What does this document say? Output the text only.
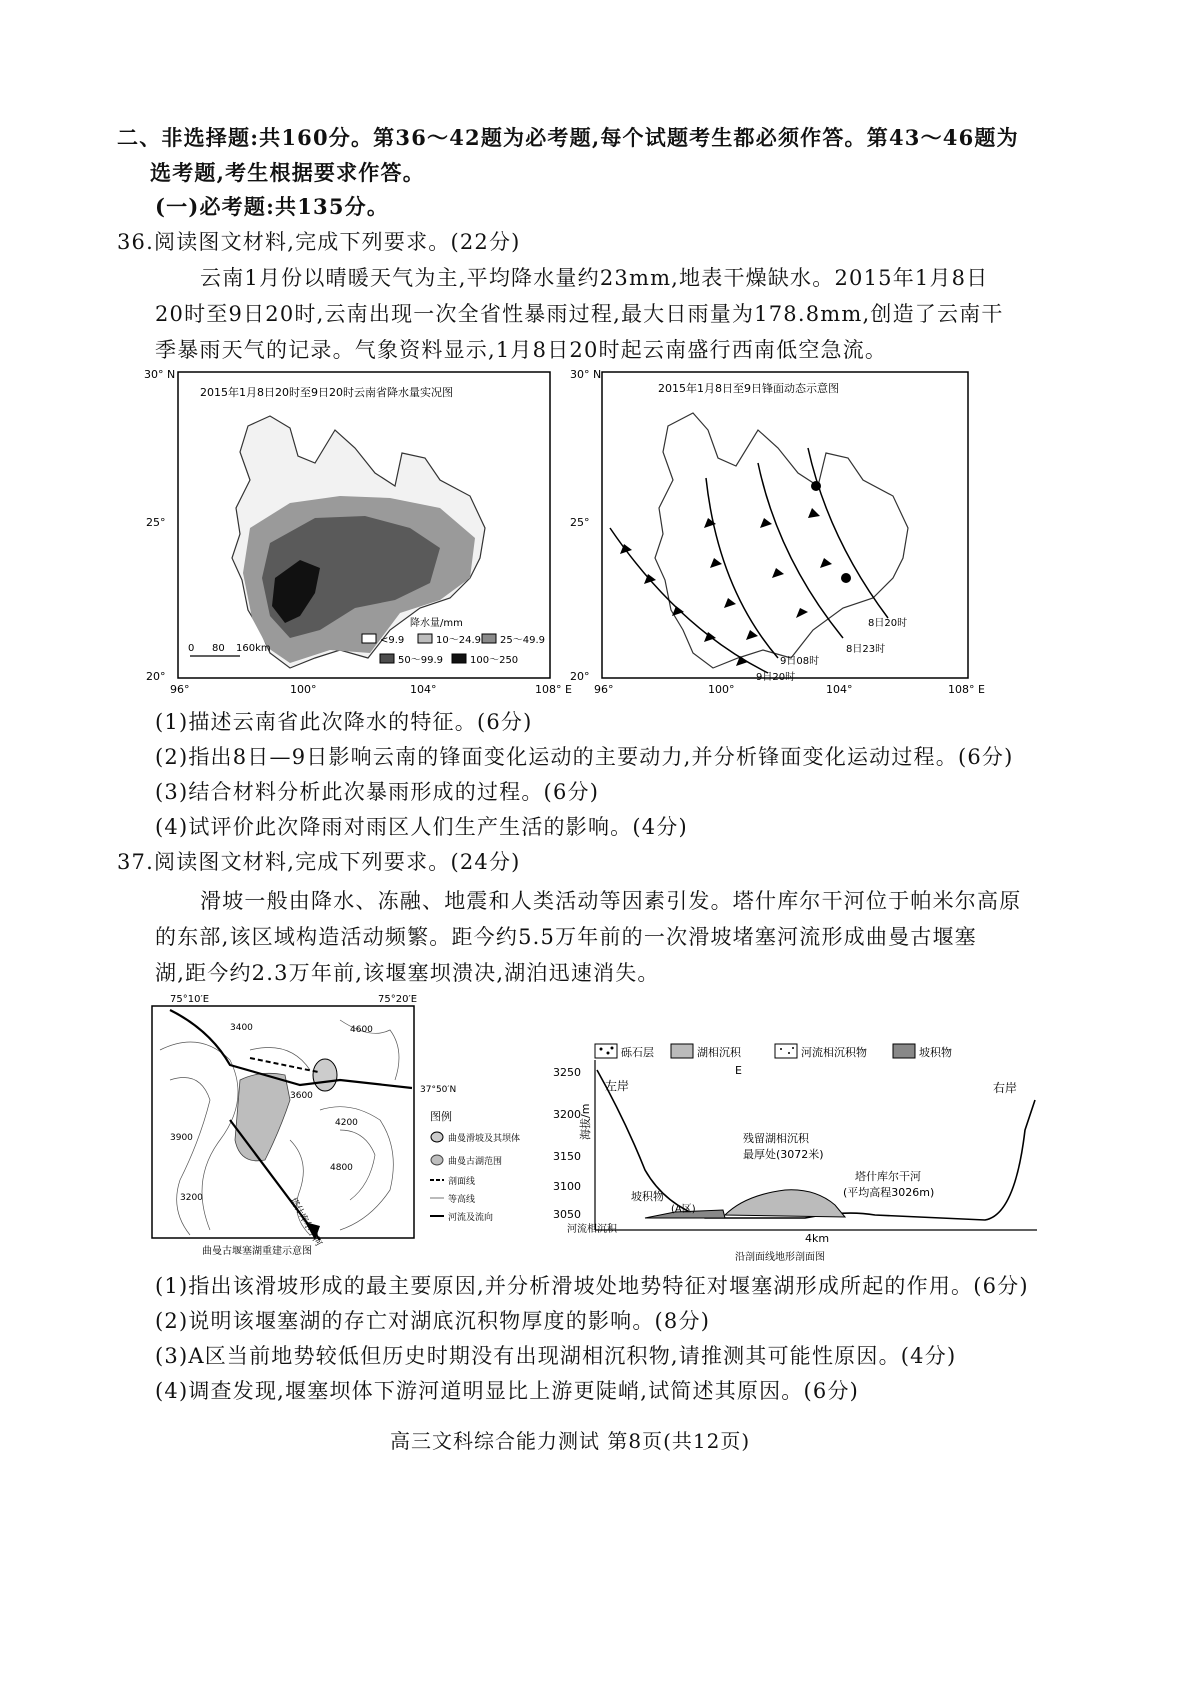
二、非选择题:共160分。第36～42题为必考题,每个试题考生都必须作答。第43～46题为
选考题,考生根据要求作答。
(一)必考题:共135分。
36.阅读图文材料,完成下列要求。(22分)
云南1月份以晴暖天气为主,平均降水量约23mm,地表干燥缺水。2015年1月8日
20时至9日20时,云南出现一次全省性暴雨过程,最大日雨量为178.8mm,创造了云南干
季暴雨天气的记录。气象资料显示,1月8日20时起云南盛行西南低空急流。
30° N
25°
20°
96°	100°	104°	108° E
2015年1月8日20时至9日20时云南省降水量实况图
0 80 160km
降水量/mm
<9.9	10～24.9 25～49.9
50～99.9	100～250
30° N
25°
20°
96°	100°	104°	108° E
2015年1月8日至9日锋面动态示意图
8日20时
8日23时
9日08时
9日20时
(1)描述云南省此次降水的特征。(6分)
(2)指出8日—9日影响云南的锋面变化运动的主要动力,并分析锋面变化运动过程。(6分)
(3)结合材料分析此次暴雨形成的过程。(6分)
(4)试评价此次降雨对雨区人们生产生活的影响。(4分)
37.阅读图文材料,完成下列要求。(24分)
滑坡一般由降水、冻融、地震和人类活动等因素引发。塔什库尔干河位于帕米尔高原
的东部,该区域构造活动频繁。距今约5.5万年前的一次滑坡堵塞河流形成曲曼古堰塞
湖,距今约2.3万年前,该堰塞坝溃决,湖泊迅速消失。
75°10′E	75°20′E
3900
3200
4600
3400
3600
4200
4800
塔什库尔干河
37°50′N
图例
曲曼滑坡及其坝体
曲曼古湖范围
剖面线
等高线
河流及流向
曲曼古堰塞湖重建示意图
砾石层	湖相沉积	河流相沉积物	坡积物
E
3250
3200
3150
3100
3050
海拔/m
左岸	右岸
坡积物
(A区)
河流相沉积
残留湖相沉积
最厚处(3072米)
塔什库尔干河
(平均高程3026m)
4km
沿剖面线地形剖面图
(1)指出该滑坡形成的最主要原因,并分析滑坡处地势特征对堰塞湖形成所起的作用。(6分)
(2)说明该堰塞湖的存亡对湖底沉积物厚度的影响。(8分)
(3)A区当前地势较低但历史时期没有出现湖相沉积物,请推测其可能性原因。(4分)
(4)调查发现,堰塞坝体下游河道明显比上游更陡峭,试简述其原因。(6分)
高三文科综合能力测试 第8页(共12页)
